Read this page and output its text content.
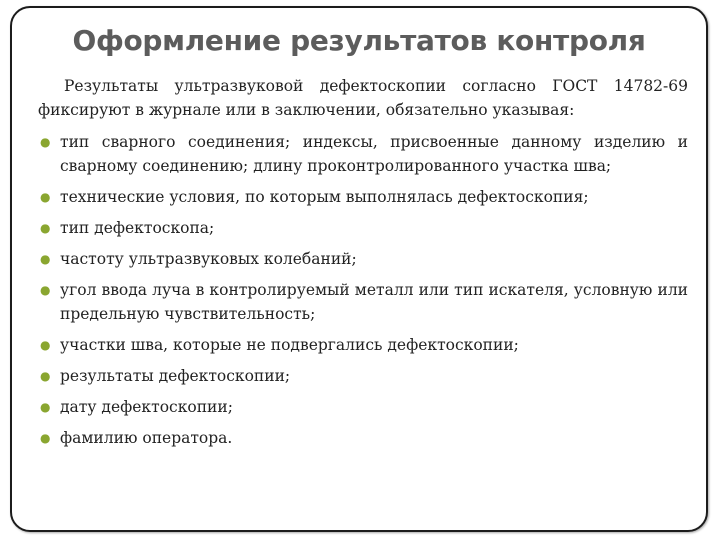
Оформление результатов контроля

Результаты ультразвуковой дефектоскопии согласно ГОСТ 14782-69 фиксируют в журнале или в заключении, обязательно указывая:

● тип сварного соединения; индексы, присвоенные данному изделию и сварному соединению; длину проконтролированного участка шва;
● технические условия, по которым выполнялась дефектоскопия;
● тип дефектоскопа;
● частоту ультразвуковых колебаний;
● угол ввода луча в контролируемый металл или тип искателя, условную или предельную чувствительность;
● участки шва, которые не подвергались дефектоскопии;
● результаты дефектоскопии;
● дату дефектоскопии;
● фамилию оператора.
